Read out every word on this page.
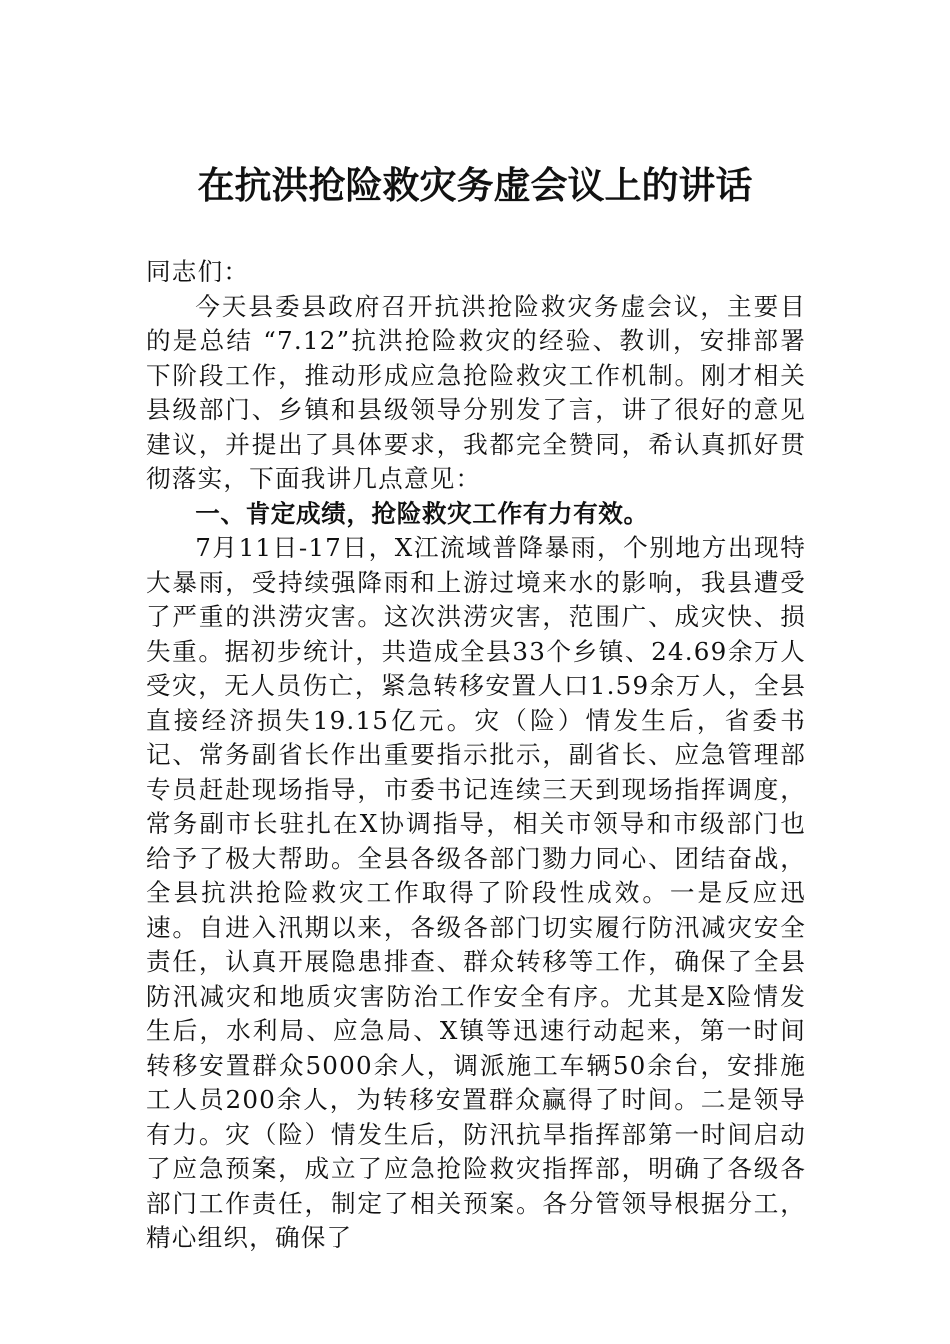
在抗洪抢险救灾务虚会议上的讲话

同志们：

今天县委县政府召开抗洪抢险救灾务虚会议，主要目的是总结 “7.12”抗洪抢险救灾的经验、教训，安排部署下阶段工作，推动形成应急抢险救灾工作机制。刚才相关县级部门、乡镇和县级领导分别发了言，讲了很好的意见建议，并提出了具体要求，我都完全赞同，希认真抓好贯彻落实，下面我讲几点意见：

一、肯定成绩，抢险救灾工作有力有效。

7月11日-17日，X江流域普降暴雨，个别地方出现特大暴雨，受持续强降雨和上游过境来水的影响，我县遭受了严重的洪涝灾害。这次洪涝灾害，范围广、成灾快、损失重。据初步统计，共造成全县33个乡镇、24.69余万人受灾，无人员伤亡，紧急转移安置人口1.59余万人，全县直接经济损失19.15亿元。灾（险）情发生后，省委书记、常务副省长作出重要指示批示，副省长、应急管理部专员赶赴现场指导，市委书记连续三天到现场指挥调度，常务副市长驻扎在X协调指导，相关市领导和市级部门也给予了极大帮助。全县各级各部门勠力同心、团结奋战，全县抗洪抢险救灾工作取得了阶段性成效。一是反应迅速。自进入汛期以来，各级各部门切实履行防汛减灾安全责任，认真开展隐患排查、群众转移等工作，确保了全县防汛减灾和地质灾害防治工作安全有序。尤其是X险情发生后，水利局、应急局、X镇等迅速行动起来，第一时间转移安置群众5000余人，调派施工车辆50余台，安排施工人员200余人，为转移安置群众赢得了时间。二是领导有力。灾（险）情发生后，防汛抗旱指挥部第一时间启动了应急预案，成立了应急抢险救灾指挥部，明确了各级各部门工作责任，制定了相关预案。各分管领导根据分工，精心组织，确保了
